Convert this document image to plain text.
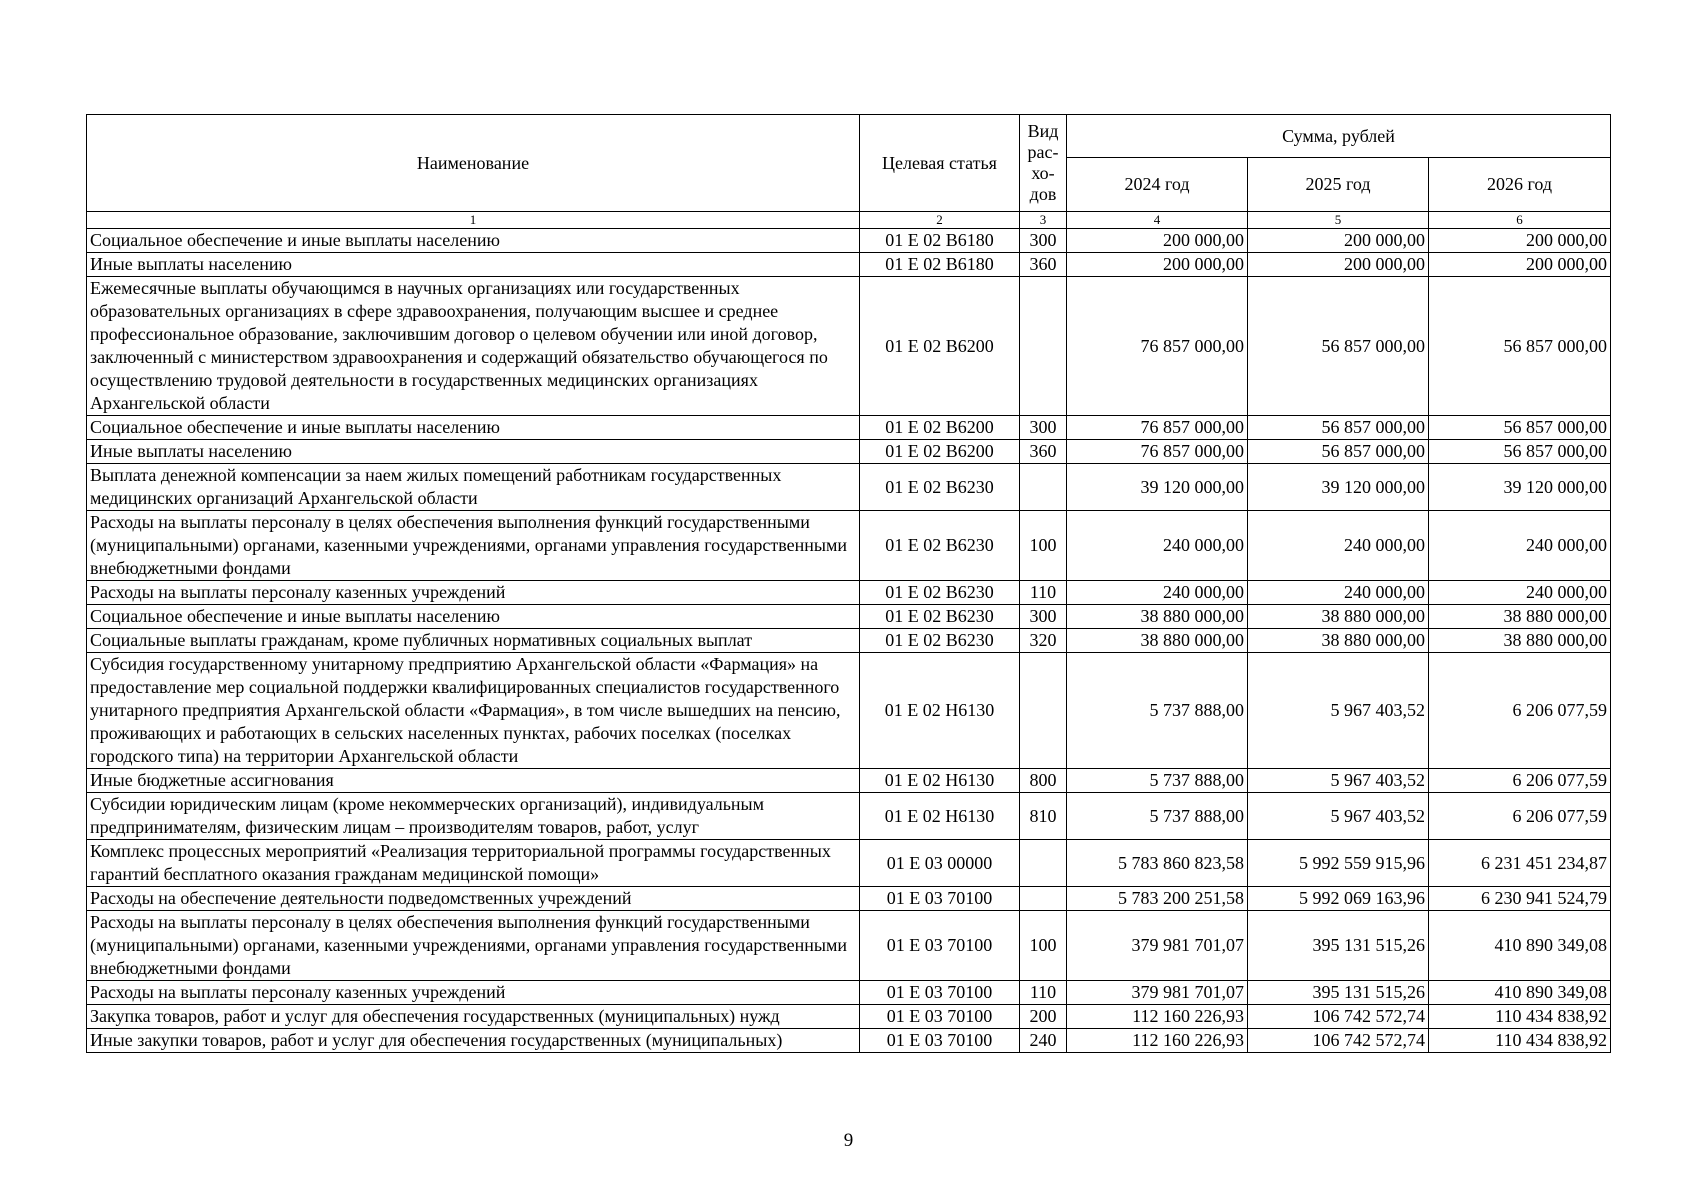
Наименование	Целевая статья	Вид рас-хо-дов	Сумма, рублей		
			2024 год	2025 год	2026 год
1	2	3	4	5	6
Социальное обеспечение и иные выплаты населению	01 Е 02 В6180	300	200 000,00	200 000,00	200 000,00
Иные выплаты населению	01 Е 02 В6180	360	200 000,00	200 000,00	200 000,00
Ежемесячные выплаты обучающимся в научных организациях или государственных образовательных организациях в сфере здравоохранения, получающим высшее и среднее профессиональное образование, заключившим договор о целевом обучении или иной договор, заключенный с министерством здравоохранения и содержащий обязательство обучающегося по осуществлению трудовой деятельности в государственных медицинских организациях Архангельской области	01 Е 02 В6200		76 857 000,00	56 857 000,00	56 857 000,00
Социальное обеспечение и иные выплаты населению	01 Е 02 В6200	300	76 857 000,00	56 857 000,00	56 857 000,00
Иные выплаты населению	01 Е 02 В6200	360	76 857 000,00	56 857 000,00	56 857 000,00
Выплата денежной компенсации за наем жилых помещений работникам государственных медицинских организаций Архангельской области	01 Е 02 В6230		39 120 000,00	39 120 000,00	39 120 000,00
Расходы на выплаты персоналу в целях обеспечения выполнения функций государственными (муниципальными) органами, казенными учреждениями, органами управления государственными внебюджетными фондами	01 Е 02 В6230	100	240 000,00	240 000,00	240 000,00
Расходы на выплаты персоналу казенных учреждений	01 Е 02 В6230	110	240 000,00	240 000,00	240 000,00
Социальное обеспечение и иные выплаты населению	01 Е 02 В6230	300	38 880 000,00	38 880 000,00	38 880 000,00
Социальные выплаты гражданам, кроме публичных нормативных социальных выплат	01 Е 02 В6230	320	38 880 000,00	38 880 000,00	38 880 000,00
Субсидия государственному унитарному предприятию Архангельской области «Фармация» на предоставление мер социальной поддержки квалифицированных специалистов государственного унитарного предприятия Архангельской области «Фармация», в том числе вышедших на пенсию, проживающих и работающих в сельских населенных пунктах, рабочих поселках (поселках городского типа) на территории Архангельской области	01 Е 02 Н6130		5 737 888,00	5 967 403,52	6 206 077,59
Иные бюджетные ассигнования	01 Е 02 Н6130	800	5 737 888,00	5 967 403,52	6 206 077,59
Субсидии юридическим лицам (кроме некоммерческих организаций), индивидуальным предпринимателям, физическим лицам – производителям товаров, работ, услуг	01 Е 02 Н6130	810	5 737 888,00	5 967 403,52	6 206 077,59
Комплекс процессных мероприятий «Реализация территориальной программы государственных гарантий бесплатного оказания гражданам медицинской помощи»	01 Е 03 00000		5 783 860 823,58	5 992 559 915,96	6 231 451 234,87
Расходы на обеспечение деятельности подведомственных учреждений	01 Е 03 70100		5 783 200 251,58	5 992 069 163,96	6 230 941 524,79
Расходы на выплаты персоналу в целях обеспечения выполнения функций государственными (муниципальными) органами, казенными учреждениями, органами управления государственными внебюджетными фондами	01 Е 03 70100	100	379 981 701,07	395 131 515,26	410 890 349,08
Расходы на выплаты персоналу казенных учреждений	01 Е 03 70100	110	379 981 701,07	395 131 515,26	410 890 349,08
Закупка товаров, работ и услуг для обеспечения государственных (муниципальных) нужд	01 Е 03 70100	200	112 160 226,93	106 742 572,74	110 434 838,92
Иные закупки товаров, работ и услуг для обеспечения государственных (муниципальных)	01 Е 03 70100	240	112 160 226,93	106 742 572,74	110 434 838,92
9
